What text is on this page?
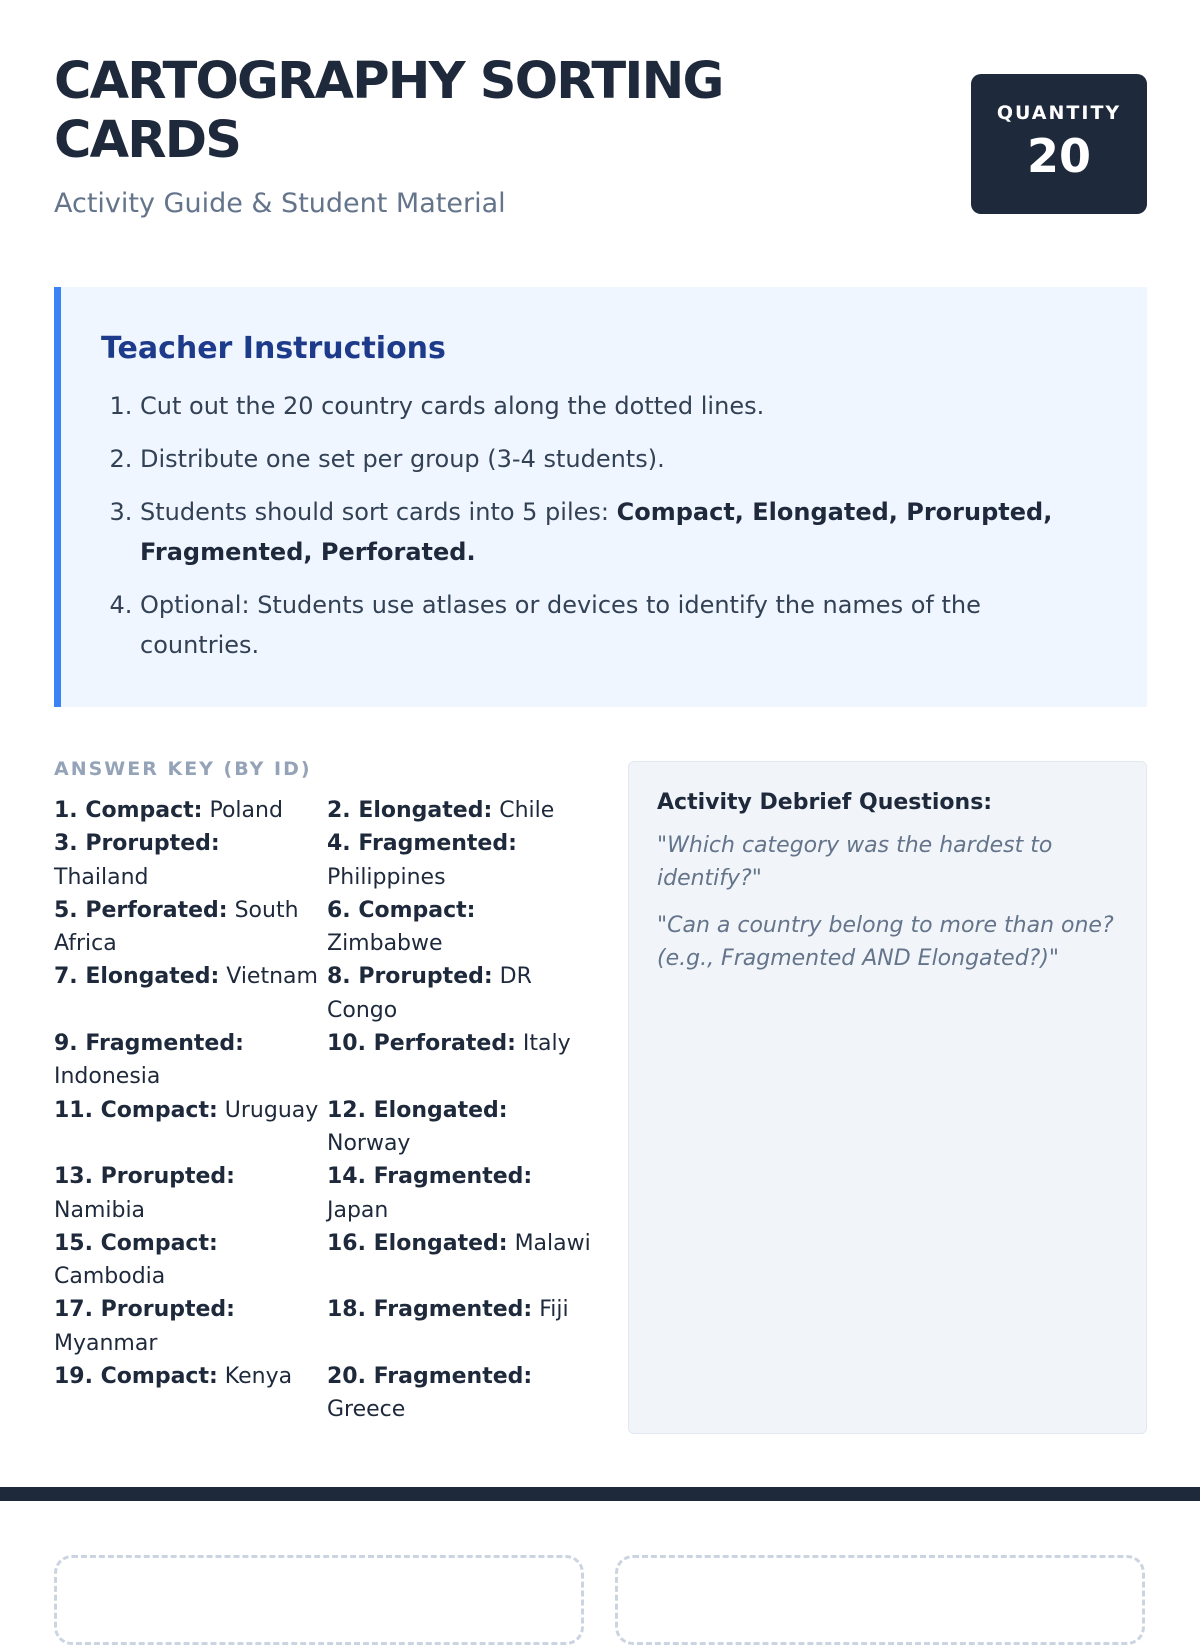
CARTOGRAPHY SORTING CARDS
Activity Guide & Student Material
QUANTITY
20
Teacher Instructions
1. Cut out the 20 country cards along the dotted lines.
2. Distribute one set per group (3-4 students).
3. Students should sort cards into 5 piles: Compact, Elongated, Prorupted, Fragmented, Perforated.
4. Optional: Students use atlases or devices to identify the names of the countries.
ANSWER KEY (BY ID)
1. Compact: Poland	2. Elongated: Chile
3. Prorupted: Thailand
4. Fragmented: Philippines
5. Perforated: South Africa
6. Compact: Zimbabwe
7. Elongated: Vietnam 8. Prorupted: DR Congo
9. Fragmented: Indonesia
10. Perforated: Italy
11. Compact: Uruguay 12. Elongated: Norway
13. Prorupted: Namibia
14. Fragmented: Japan
15. Compact: Cambodia
16. Elongated: Malawi
17. Prorupted: Myanmar
18. Fragmented: Fiji
19. Compact: Kenya	20. Fragmented: Greece
Activity Debrief Questions:
"Which category was the hardest to identify?"
"Can a country belong to more than one? (e.g., Fragmented AND Elongated?)"
